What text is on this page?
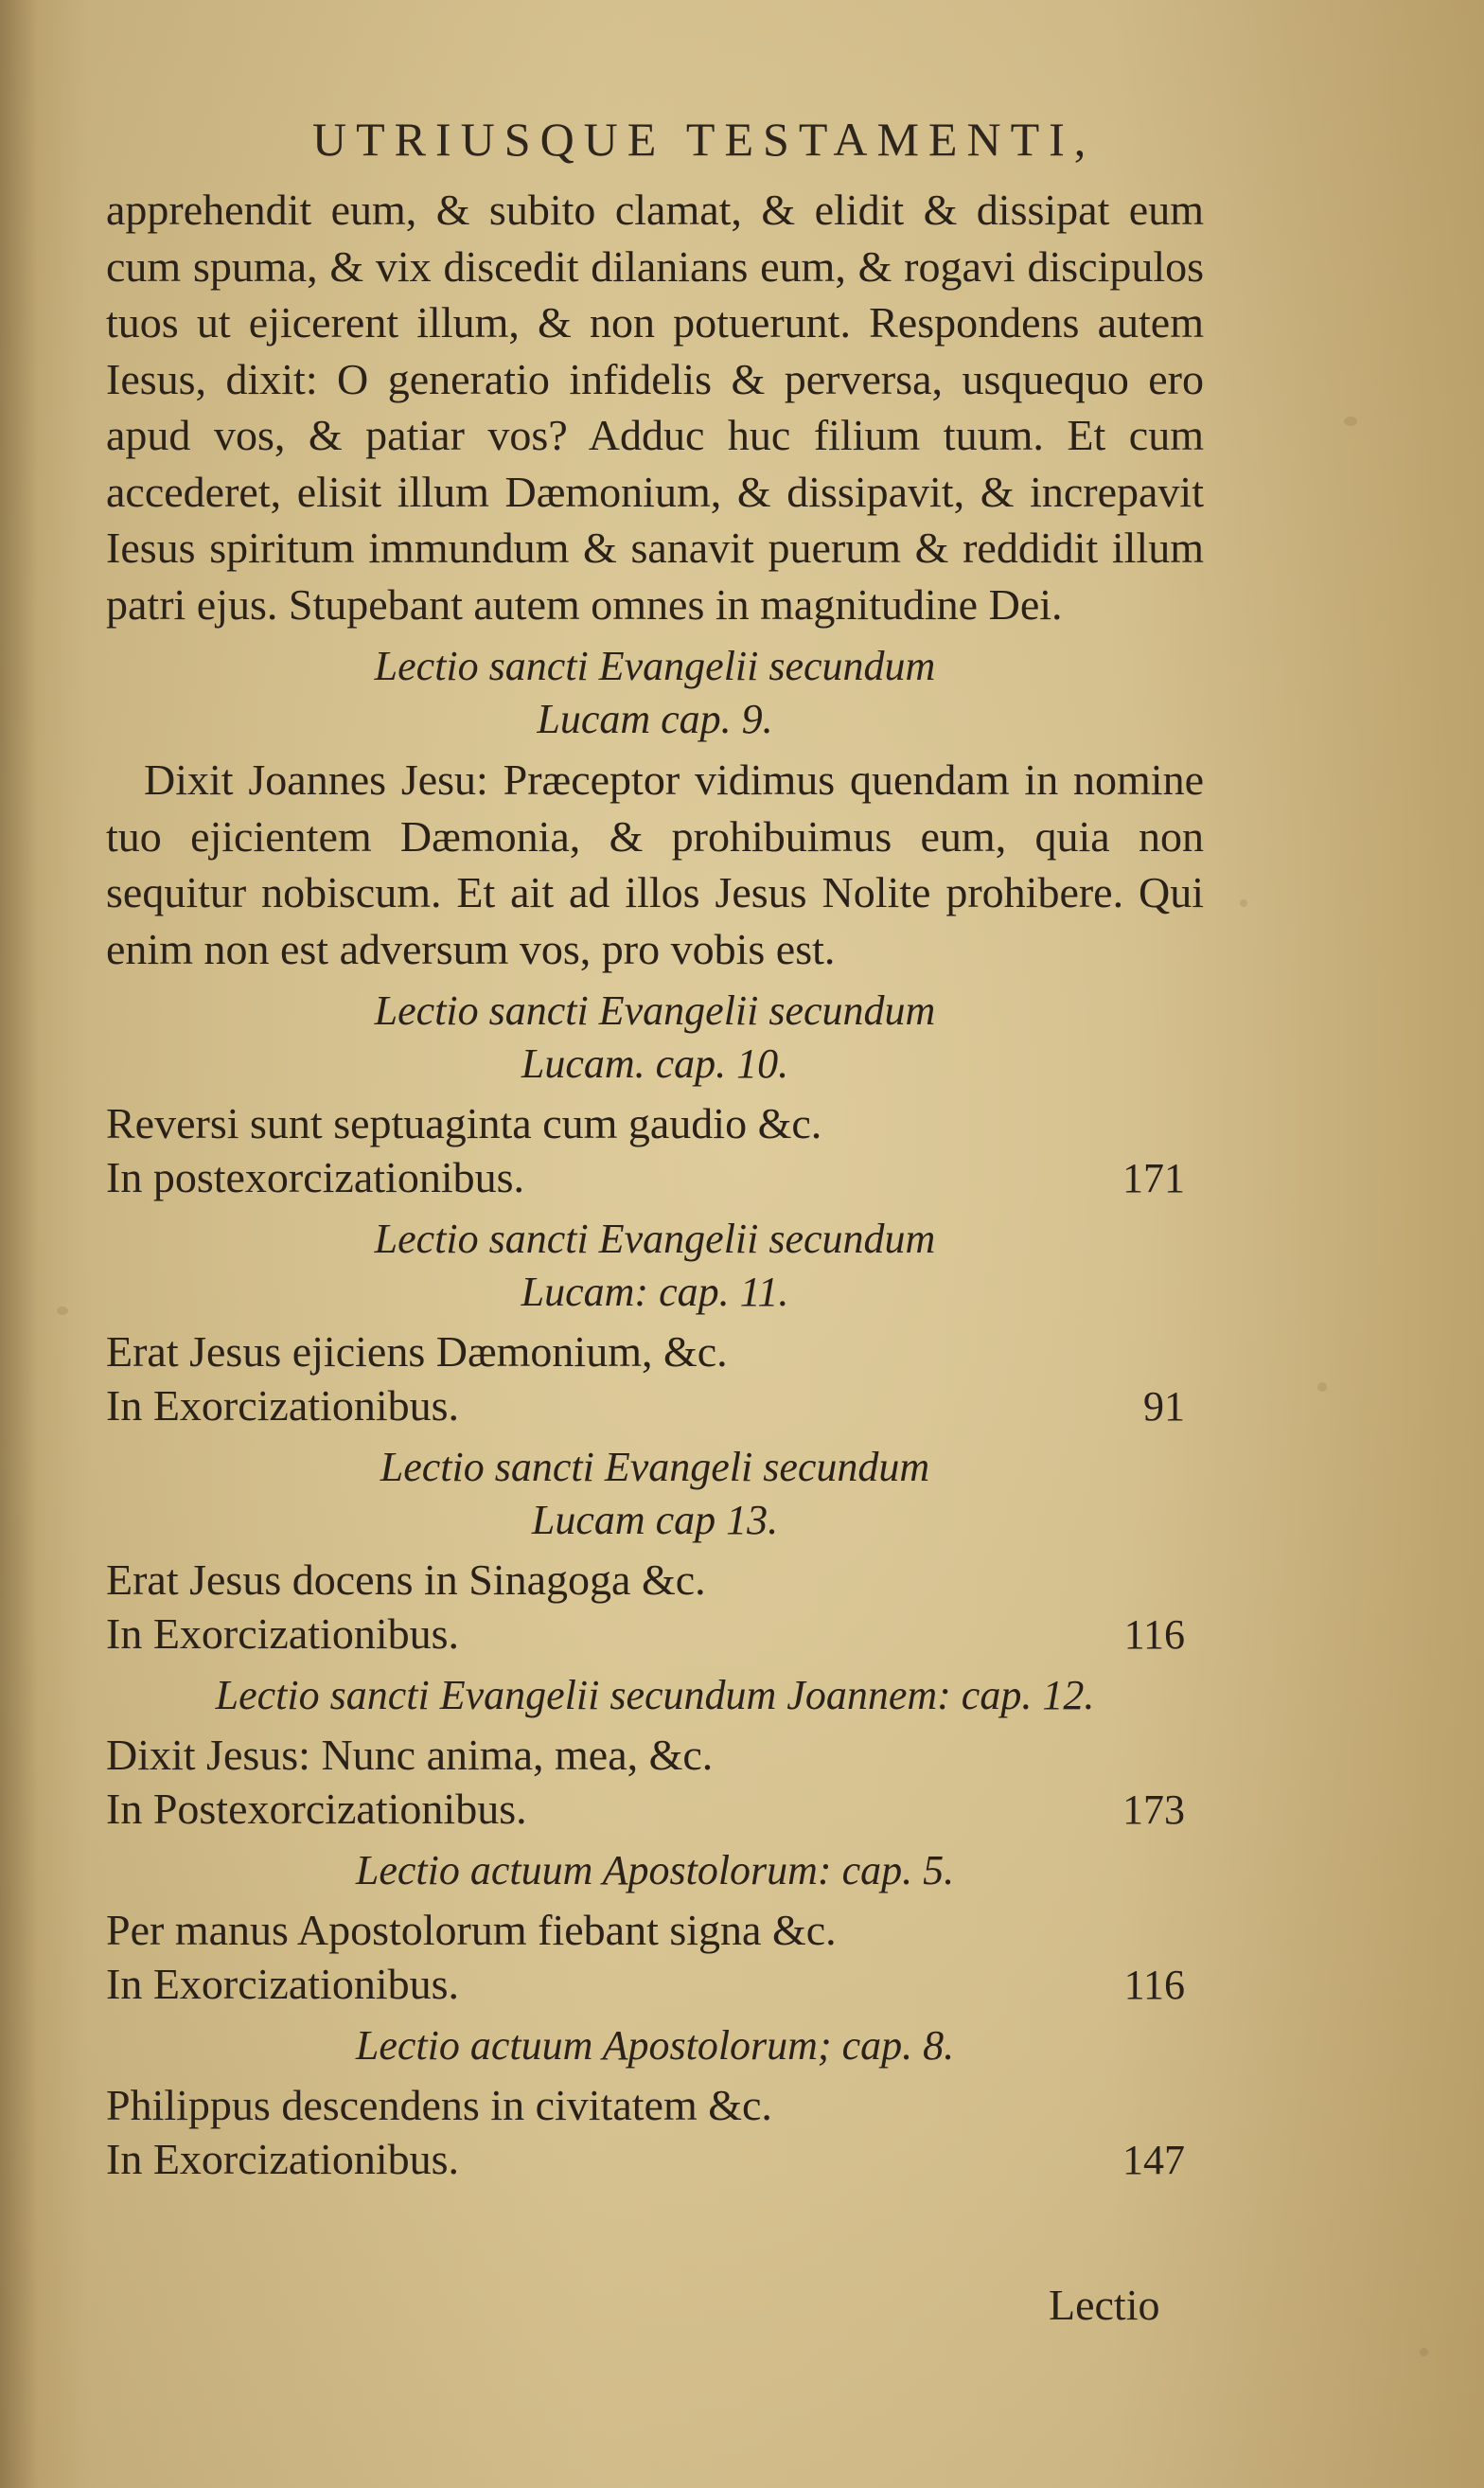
UTRIUSQUE TESTAMENTI,

apprehendit eum, & subito clamat, & elidit & dissipat eum cum spuma, & vix discedit dilanians eum, & rogavi discipulos tuos ut ejicerent illum, & non potuerunt. Respondens autem Iesus, dixit: O generatio infidelis & perversa, usquequo ero apud vos, & patiar vos? Adduc huc filium tuum. Et cum accederet, elisit illum Dæmonium, & dissipavit, & increpavit Iesus spiritum immundum & sanavit puerum & reddidit illum patri ejus. Stupebant autem omnes in magnitudine Dei.

Lectio sancti Evangelii secundum
Lucam cap. 9.

Dixit Joannes Jesu: Præceptor vidimus quendam in nomine tuo ejicientem Dæmonia, & prohibuimus eum, quia non sequitur nobiscum. Et ait ad illos Jesus Nolite prohibere. Qui enim non est adversum vos, pro vobis est.

Lectio sancti Evangelii secundum
Lucam. cap. 10.
Reversi sunt septuaginta cum gaudio &c.
In postexorcizationibus.	171
Lectio sancti Evangelii secundum
Lucam: cap. 11.
Erat Jesus ejiciens Dæmonium, &c.
In Exorcizationibus.	91
Lectio sancti Evangeli secundum
Lucam cap 13.
Erat Jesus docens in Sinagoga &c.
In Exorcizationibus.	116
Lectio sancti Evangelii secundum Joannem: cap. 12.
Dixit Jesus: Nunc anima, mea, &c.
In Postexorcizationibus.	173
Lectio actuum Apostolorum: cap. 5.
Per manus Apostolorum fiebant signa &c.
In Exorcizationibus.	116
Lectio actuum Apostolorum; cap. 8.
Philippus descendens in civitatem &c.
In Exorcizationibus.	147
Lectio
